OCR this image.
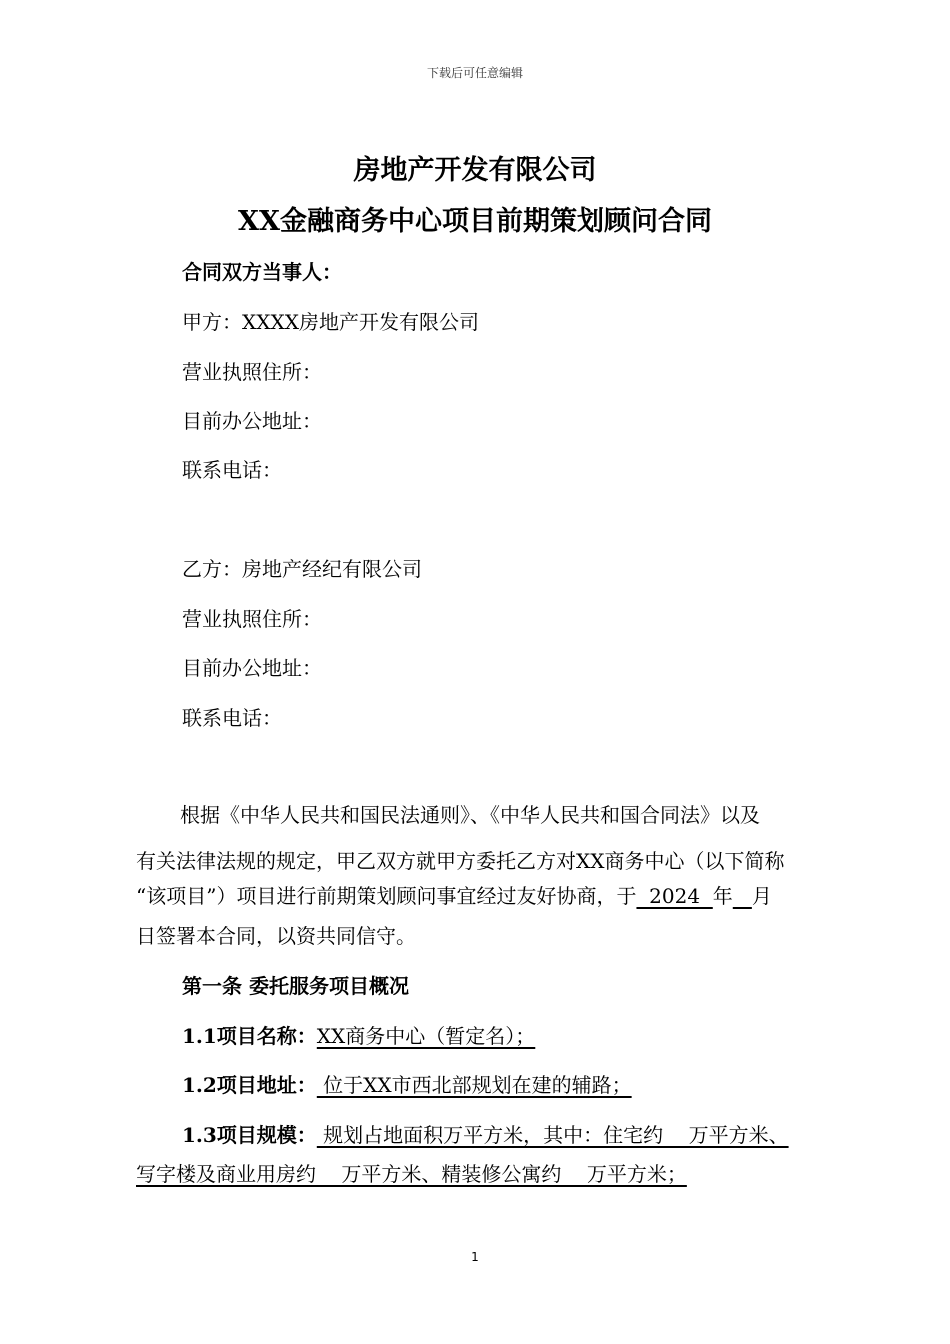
下载后可任意编辑
房地产开发有限公司
XX金融商务中心项目前期策划顾问合同
合同双方当事人：
甲方：XXXX房地产开发有限公司
营业执照住所：
目前办公地址：
联系电话：
乙方：房地产经纪有限公司
营业执照住所：
目前办公地址：
联系电话：
根据《中华人民共和国民法通则》、《中华人民共和国合同法》以及
有关法律法规的规定，甲乙双方就甲方委托乙方对XX商务中心（以下简称
“该项目”）项目进行前期策划顾问事宜经过友好协商，于  2024  年 月
日签署本合同，以资共同信守。
第一条 委托服务项目概况
1.1项目名称：XX商务中心（暂定名）；
1.2项目地址： 位于XX市西北部规划在建的辅路；
1.3项目规模： 规划占地面积万平方米，其中：住宅约    万平方米、
写字楼及商业用房约    万平方米、精装修公寓约    万平方米；
1
